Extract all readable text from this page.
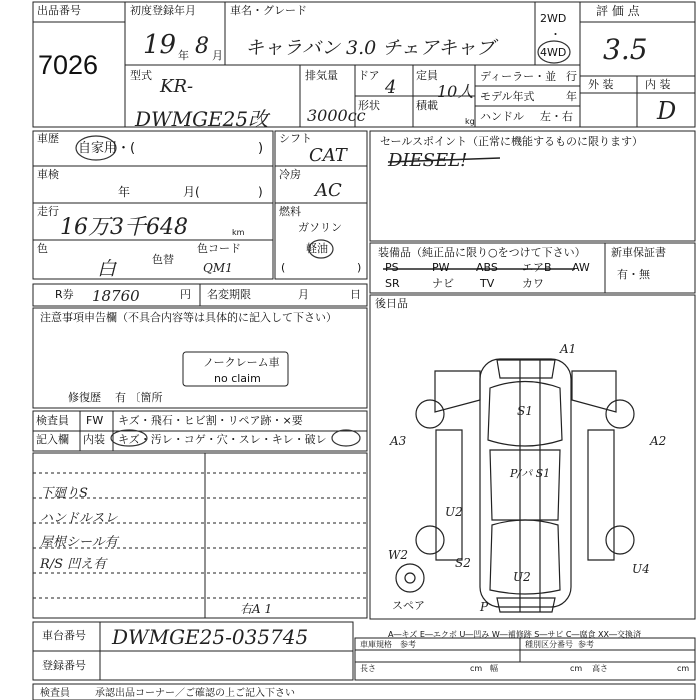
出品番号
7026
初度登録年月
19 年 8 月
車名・グレード
キャラバン 3.0 チェアキャブ
2WD
・
4WD
評 価 点
3.5
型式
KR-
DWMGE25改
排気量
3000cc
ドア
4
定員
10人
形状	積載
kg
ディーラー・並 行
モデル年式	年
ハンドル 左・右
外 装	内 装
D
車歴
自家用・(	)
車検
年	月(	)
走行
16万3千648	km
色
白	色替
色コード
QM1
シフト
CAT
冷房
AC
燃料
ガソリン
軽油
(	)
R券 18760	円 名変期限	月	日
注意事項申告欄（不具合内容等は具体的に記入して下さい）
ノークレーム車
no claim
修復歴 有 〔箇所
検査員
記入欄
FW キズ・飛石・ヒビ割・リペア跡・×要
内装 キズ・汚レ・コゲ・穴・スレ・キレ・破レ
下廻りS
ハンドルスレ
屋根シール有
R/S 凹え有
セールスポイント（正常に機能するものに限ります）
DIESEL!
装備品（純正品に限り○をつけて下さい）
PS	PW ABS エアB AW
SR	ナビ TV	カワ
新車保証書
有・無
後日品
A1
S1
A2
A3
P/パ S1
U2
S2	U4
U2
W2
スペア	P
右A 1
A―キズ E―エクボ U―凹み W―補修跡 S―サビ C―腐食 XX―交換済
車庫規格 参考	種別区分番号 参考
長さ	cm 幅	cm 高さ	cm
車台番号 DWMGE25-035745
登録番号
検査員	承認出品コーナー／ご確認の上ご記入下さい
